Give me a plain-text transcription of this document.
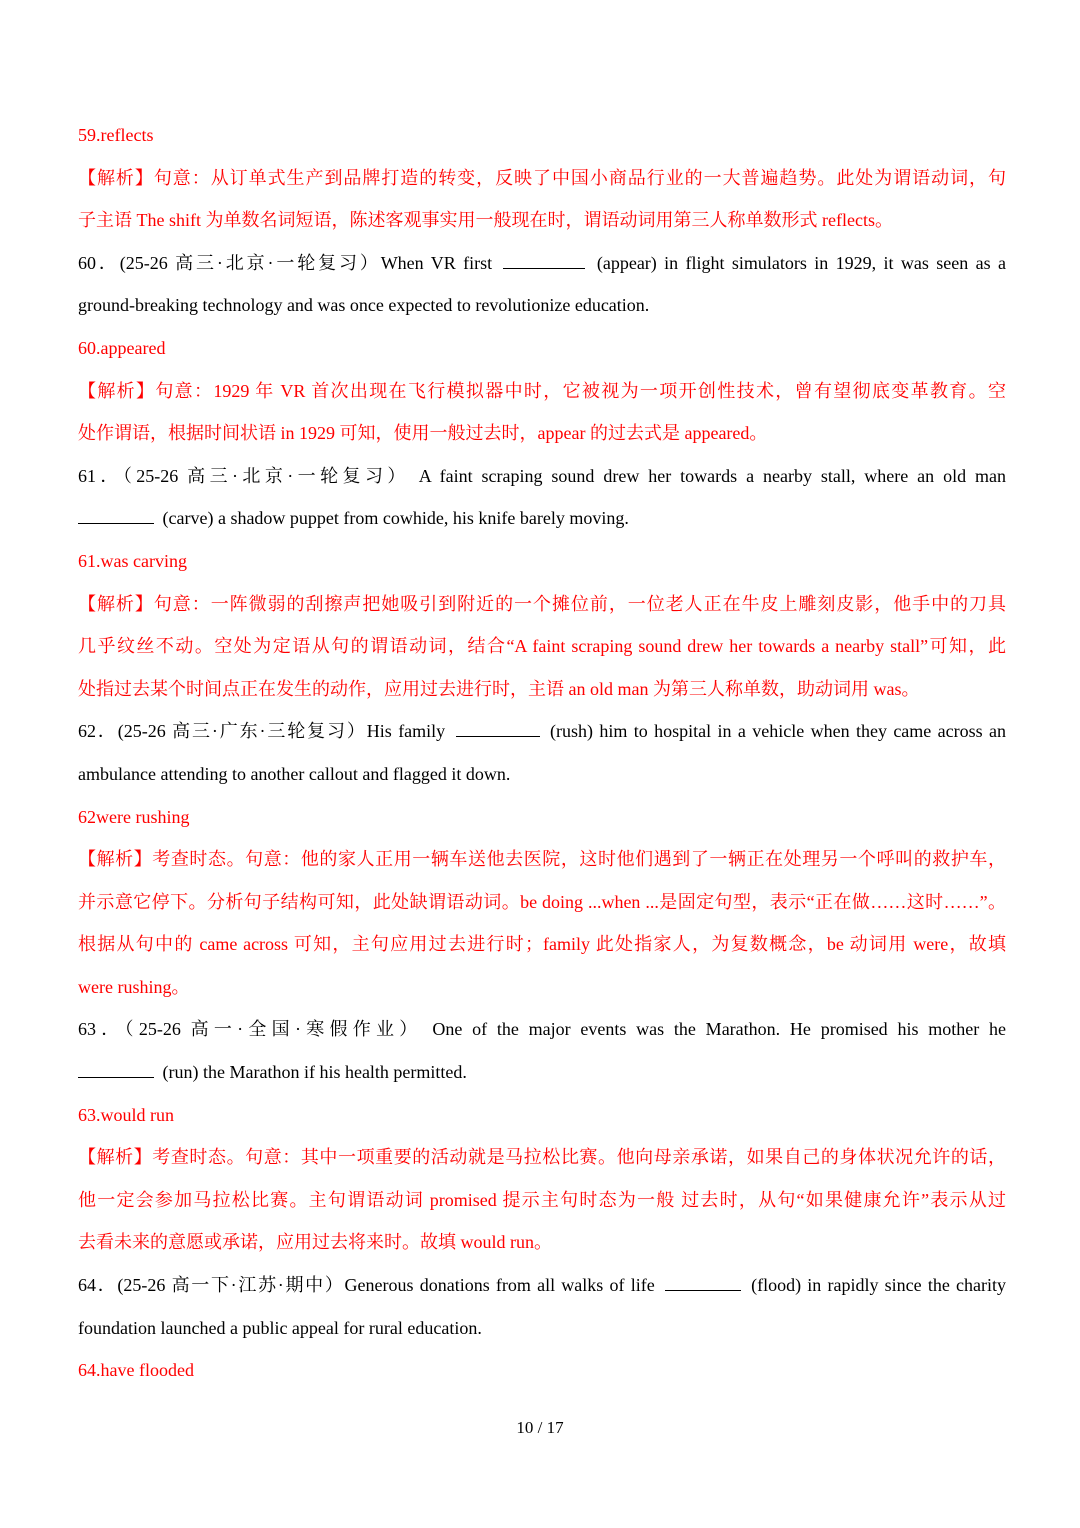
59.reflects
【解析】句意：从订单式生产到品牌打造的转变，反映了中国小商品行业的一大普遍趋势。此处为谓语动词，句
子主语 The shift 为单数名词短语，陈述客观事实用一般现在时，谓语动词用第三人称单数形式 reflects。
60．(25-26 高三·北京·一轮复习）When VR first	(appear) in flight simulators in 1929, it was seen as a
ground-breaking technology and was once expected to revolutionize education.
60.appeared
【解析】句意：1929 年 VR 首次出现在飞行模拟器中时，它被视为一项开创性技术，曾有望彻底变革教育。空
处作谓语，根据时间状语 in 1929 可知，使用一般过去时，appear 的过去式是 appeared。
61．（25-26 高三·北京·一轮复习） A faint scraping sound drew her towards a nearby stall, where an old man
(carve) a shadow puppet from cowhide, his knife barely moving.
61.was carving
【解析】句意：一阵微弱的刮擦声把她吸引到附近的一个摊位前，一位老人正在牛皮上雕刻皮影，他手中的刀具
几乎纹丝不动。空处为定语从句的谓语动词，结合“A faint scraping sound drew her towards a nearby stall”可知，此
处指过去某个时间点正在发生的动作，应用过去进行时，主语 an old man 为第三人称单数，助动词用 was。
62．(25-26 高三·广东·三轮复习）His family	(rush) him to hospital in a vehicle when they came across an
ambulance attending to another callout and flagged it down.
62were rushing
【解析】考查时态。句意：他的家人正用一辆车送他去医院，这时他们遇到了一辆正在处理另一个呼叫的救护车，
并示意它停下。分析句子结构可知，此处缺谓语动词。be doing ...when ...是固定句型，表示“正在做……这时……”。
根据从句中的 came across 可知，主句应用过去进行时；family 此处指家人，为复数概念，be 动词用 were，故填
were rushing。
63．（25-26 高一·全国·寒假作业） One of the major events was the Marathon. He promised his mother he
(run) the Marathon if his health permitted.
63.would run
【解析】考查时态。句意：其中一项重要的活动就是马拉松比赛。他向母亲承诺，如果自己的身体状况允许的话，
他一定会参加马拉松比赛。主句谓语动词 promised 提示主句时态为一般 过去时，从句“如果健康允许”表示从过
去看未来的意愿或承诺，应用过去将来时。故填 would run。
64．(25-26 高一下·江苏·期中）Generous donations from all walks of life	(flood) in rapidly since the charity
foundation launched a public appeal for rural education.
64.have flooded
10 / 17
